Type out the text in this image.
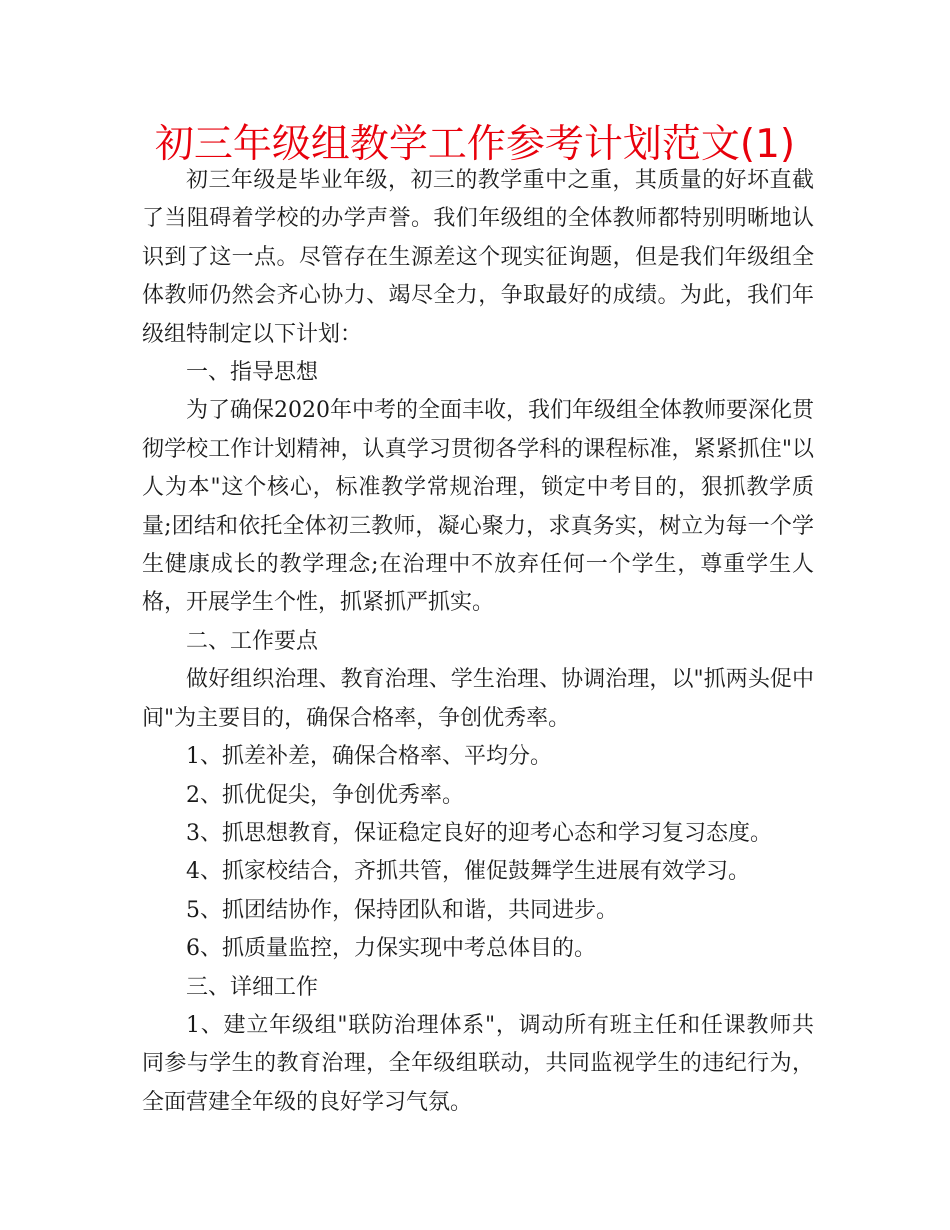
初三年级组教学工作参考计划范文(1)

初三年级是毕业年级，初三的教学重中之重，其质量的好坏直截了当阻碍着学校的办学声誉。我们年级组的全体教师都特别明晰地认识到了这一点。尽管存在生源差这个现实征询题，但是我们年级组全体教师仍然会齐心协力、竭尽全力，争取最好的成绩。为此，我们年级组特制定以下计划：

一、指导思想

为了确保2020年中考的全面丰收，我们年级组全体教师要深化贯彻学校工作计划精神，认真学习贯彻各学科的课程标准，紧紧抓住"以人为本"这个核心，标准教学常规治理，锁定中考目的，狠抓教学质量;团结和依托全体初三教师，凝心聚力，求真务实，树立为每一个学生健康成长的教学理念;在治理中不放弃任何一个学生，尊重学生人格，开展学生个性，抓紧抓严抓实。

二、工作要点

做好组织治理、教育治理、学生治理、协调治理，以"抓两头促中间"为主要目的，确保合格率，争创优秀率。

1、抓差补差，确保合格率、平均分。

2、抓优促尖，争创优秀率。

3、抓思想教育，保证稳定良好的迎考心态和学习复习态度。

4、抓家校结合，齐抓共管，催促鼓舞学生进展有效学习。

5、抓团结协作，保持团队和谐，共同进步。

6、抓质量监控，力保实现中考总体目的。

三、详细工作

1、建立年级组"联防治理体系"，调动所有班主任和任课教师共同参与学生的教育治理，全年级组联动，共同监视学生的违纪行为，全面营建全年级的良好学习气氛。
